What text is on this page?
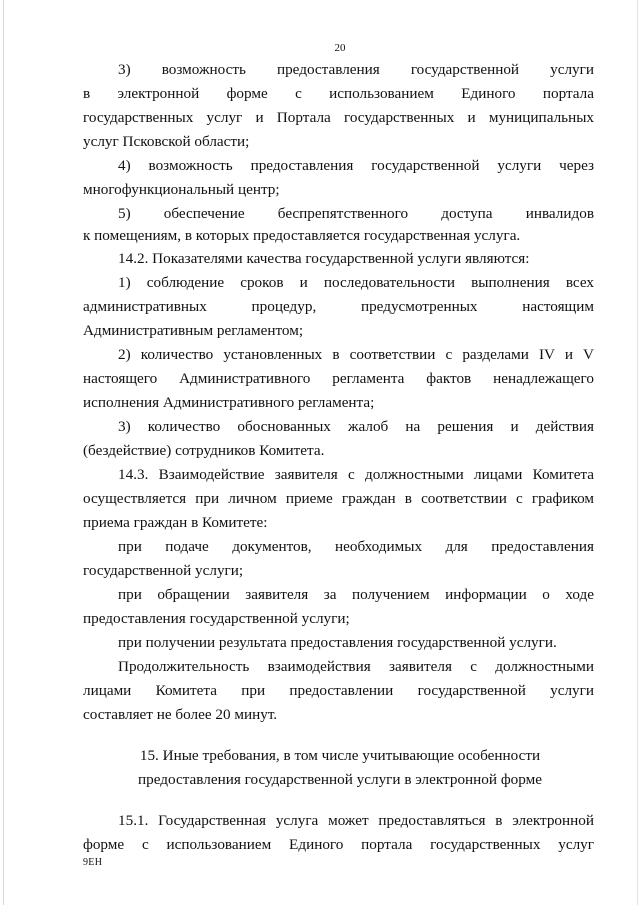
20
3) возможность предоставления государственной услуги
в электронной форме с использованием Единого портала
государственных услуг и Портала государственных и муниципальных
услуг Псковской области;
4) возможность предоставления государственной услуги через
многофункциональный центр;
5) обеспечение беспрепятственного доступа инвалидов
к помещениям, в которых предоставляется государственная услуга.
14.2. Показателями качества государственной услуги являются:
1) соблюдение сроков и последовательности выполнения всех
административных процедур, предусмотренных настоящим
Административным регламентом;
2) количество установленных в соответствии с разделами IV и V
настоящего Административного регламента фактов ненадлежащего
исполнения Административного регламента;
3) количество обоснованных жалоб на решения и действия
(бездействие) сотрудников Комитета.
14.3. Взаимодействие заявителя с должностными лицами Комитета
осуществляется при личном приеме граждан в соответствии с графиком
приема граждан в Комитете:
при подаче документов, необходимых для предоставления
государственной услуги;
при обращении заявителя за получением информации о ходе
предоставления государственной услуги;
при получении результата предоставления государственной услуги.
Продолжительность взаимодействия заявителя с должностными
лицами Комитета при предоставлении государственной услуги
составляет не более 20 минут.
15. Иные требования, в том числе учитывающие особенности
предоставления государственной услуги в электронной форме
15.1. Государственная услуга может предоставляться в электронной
форме с использованием Единого портала государственных услуг
9ЕН
